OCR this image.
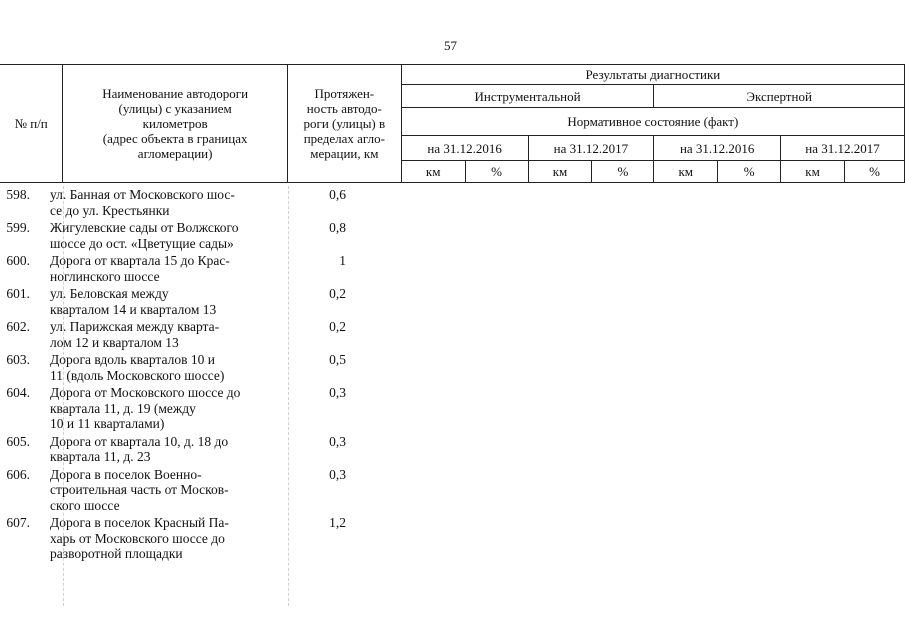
57
№ п/п	Наименование автодороги
(улицы) с указанием
километров
(адрес объекта в границах
агломерации)	Протяжен-
ность автодо-
роги (улицы) в
пределах агло-
мерации, км	Результаты диагностики							
			Инструментальной				Экспертной			
			Нормативное состояние (факт)							
			на 31.12.2016		на 31.12.2017		на 31.12.2016		на 31.12.2017	
			км	%	км	%	км	%	км	%
598.	ул. Банная от Московского шос-
се до ул. Крестьянки
0,6
599.	Жигулевские сады от Волжского
шоссе до ост. «Цветущие сады»
0,8
600.	Дорога от квартала 15 до Крас-
ноглинского шоссе
1
601.	ул. Беловская между
кварталом 14 и кварталом 13
0,2
602.	ул. Парижская между кварта-
лом 12 и кварталом 13
0,2
603.	Дорога вдоль кварталов 10 и
11 (вдоль Московского шоссе)
0,5
604.	Дорога от Московского шоссе до
квартала 11, д. 19 (между
10 и 11 кварталами)
0,3
605.	Дорога от квартала 10, д. 18 до
квартала 11, д. 23
0,3
606.	Дорога в поселок Военно-
строительная часть от Москов-
ского шоссе
0,3
607.	Дорога в поселок Красный Па-
харь от Московского шоссе до
разворотной площадки
1,2
